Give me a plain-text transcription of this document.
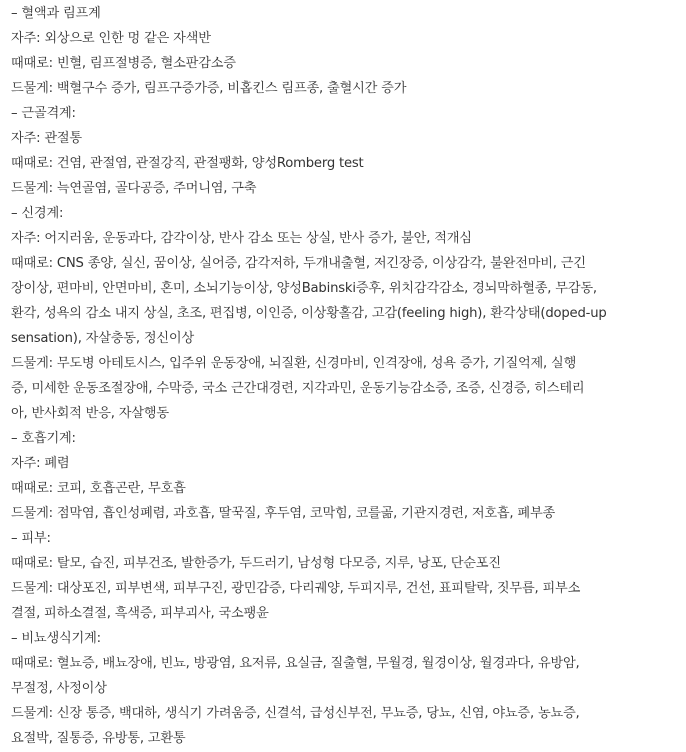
– 혈액과 림프계
자주: 외상으로 인한 멍 같은 자색반
때때로: 빈혈, 림프절병증, 혈소판감소증
드물게: 백혈구수 증가, 림프구증가증, 비홉킨스 림프종, 출혈시간 증가
– 근골격계:
자주: 관절통
때때로: 건염, 관절염, 관절강직, 관절팽화, 양성Romberg test
드물게: 늑연골염, 골다공증, 주머니염, 구축
– 신경계:
자주: 어지러움, 운동과다, 감각이상, 반사 감소 또는 상실, 반사 증가, 불안, 적개심
때때로: CNS 종양, 실신, 꿈이상, 실어증, 감각저하, 두개내출혈, 저긴장증, 이상감각, 불완전마비, 근긴
장이상, 편마비, 안면마비, 혼미, 소뇌기능이상, 양성Babinski증후, 위치감각감소, 경뇌막하혈종, 무감동,
환각, 성욕의 감소 내지 상실, 초조, 편집병, 이인증, 이상황홀감, 고감(feeling high), 환각상태(doped-up
sensation), 자살충동, 정신이상
드물게: 무도병 아테토시스, 입주위 운동장애, 뇌질환, 신경마비, 인격장애, 성욕 증가, 기질억제, 실행
증, 미세한 운동조절장애, 수막증, 국소 근간대경련, 지각과민, 운동기능감소증, 조증, 신경증, 히스테리
아, 반사회적 반응, 자살행동
– 호흡기계:
자주: 폐렴
때때로: 코피, 호흡곤란, 무호흡
드물게: 점막염, 흡인성폐렴, 과호흡, 딸꾹질, 후두염, 코막힘, 코를곪, 기관지경련, 저호흡, 폐부종
– 피부:
때때로: 탈모, 습진, 피부건조, 발한증가, 두드러기, 남성형 다모증, 지루, 낭포, 단순포진
드물게: 대상포진, 피부변색, 피부구진, 광민감증, 다리궤양, 두피지루, 건선, 표피탈락, 짓무름, 피부소
결절, 피하소결절, 흑색증, 피부괴사, 국소팽윤
– 비뇨생식기계:
때때로: 혈뇨증, 배뇨장애, 빈뇨, 방광염, 요저류, 요실금, 질출혈, 무월경, 월경이상, 월경과다, 유방암,
무절정, 사정이상
드물게: 신장 통증, 백대하, 생식기 가려움증, 신결석, 급성신부전, 무뇨증, 당뇨, 신염, 야뇨증, 농뇨증,
요절박, 질통증, 유방통, 고환통
